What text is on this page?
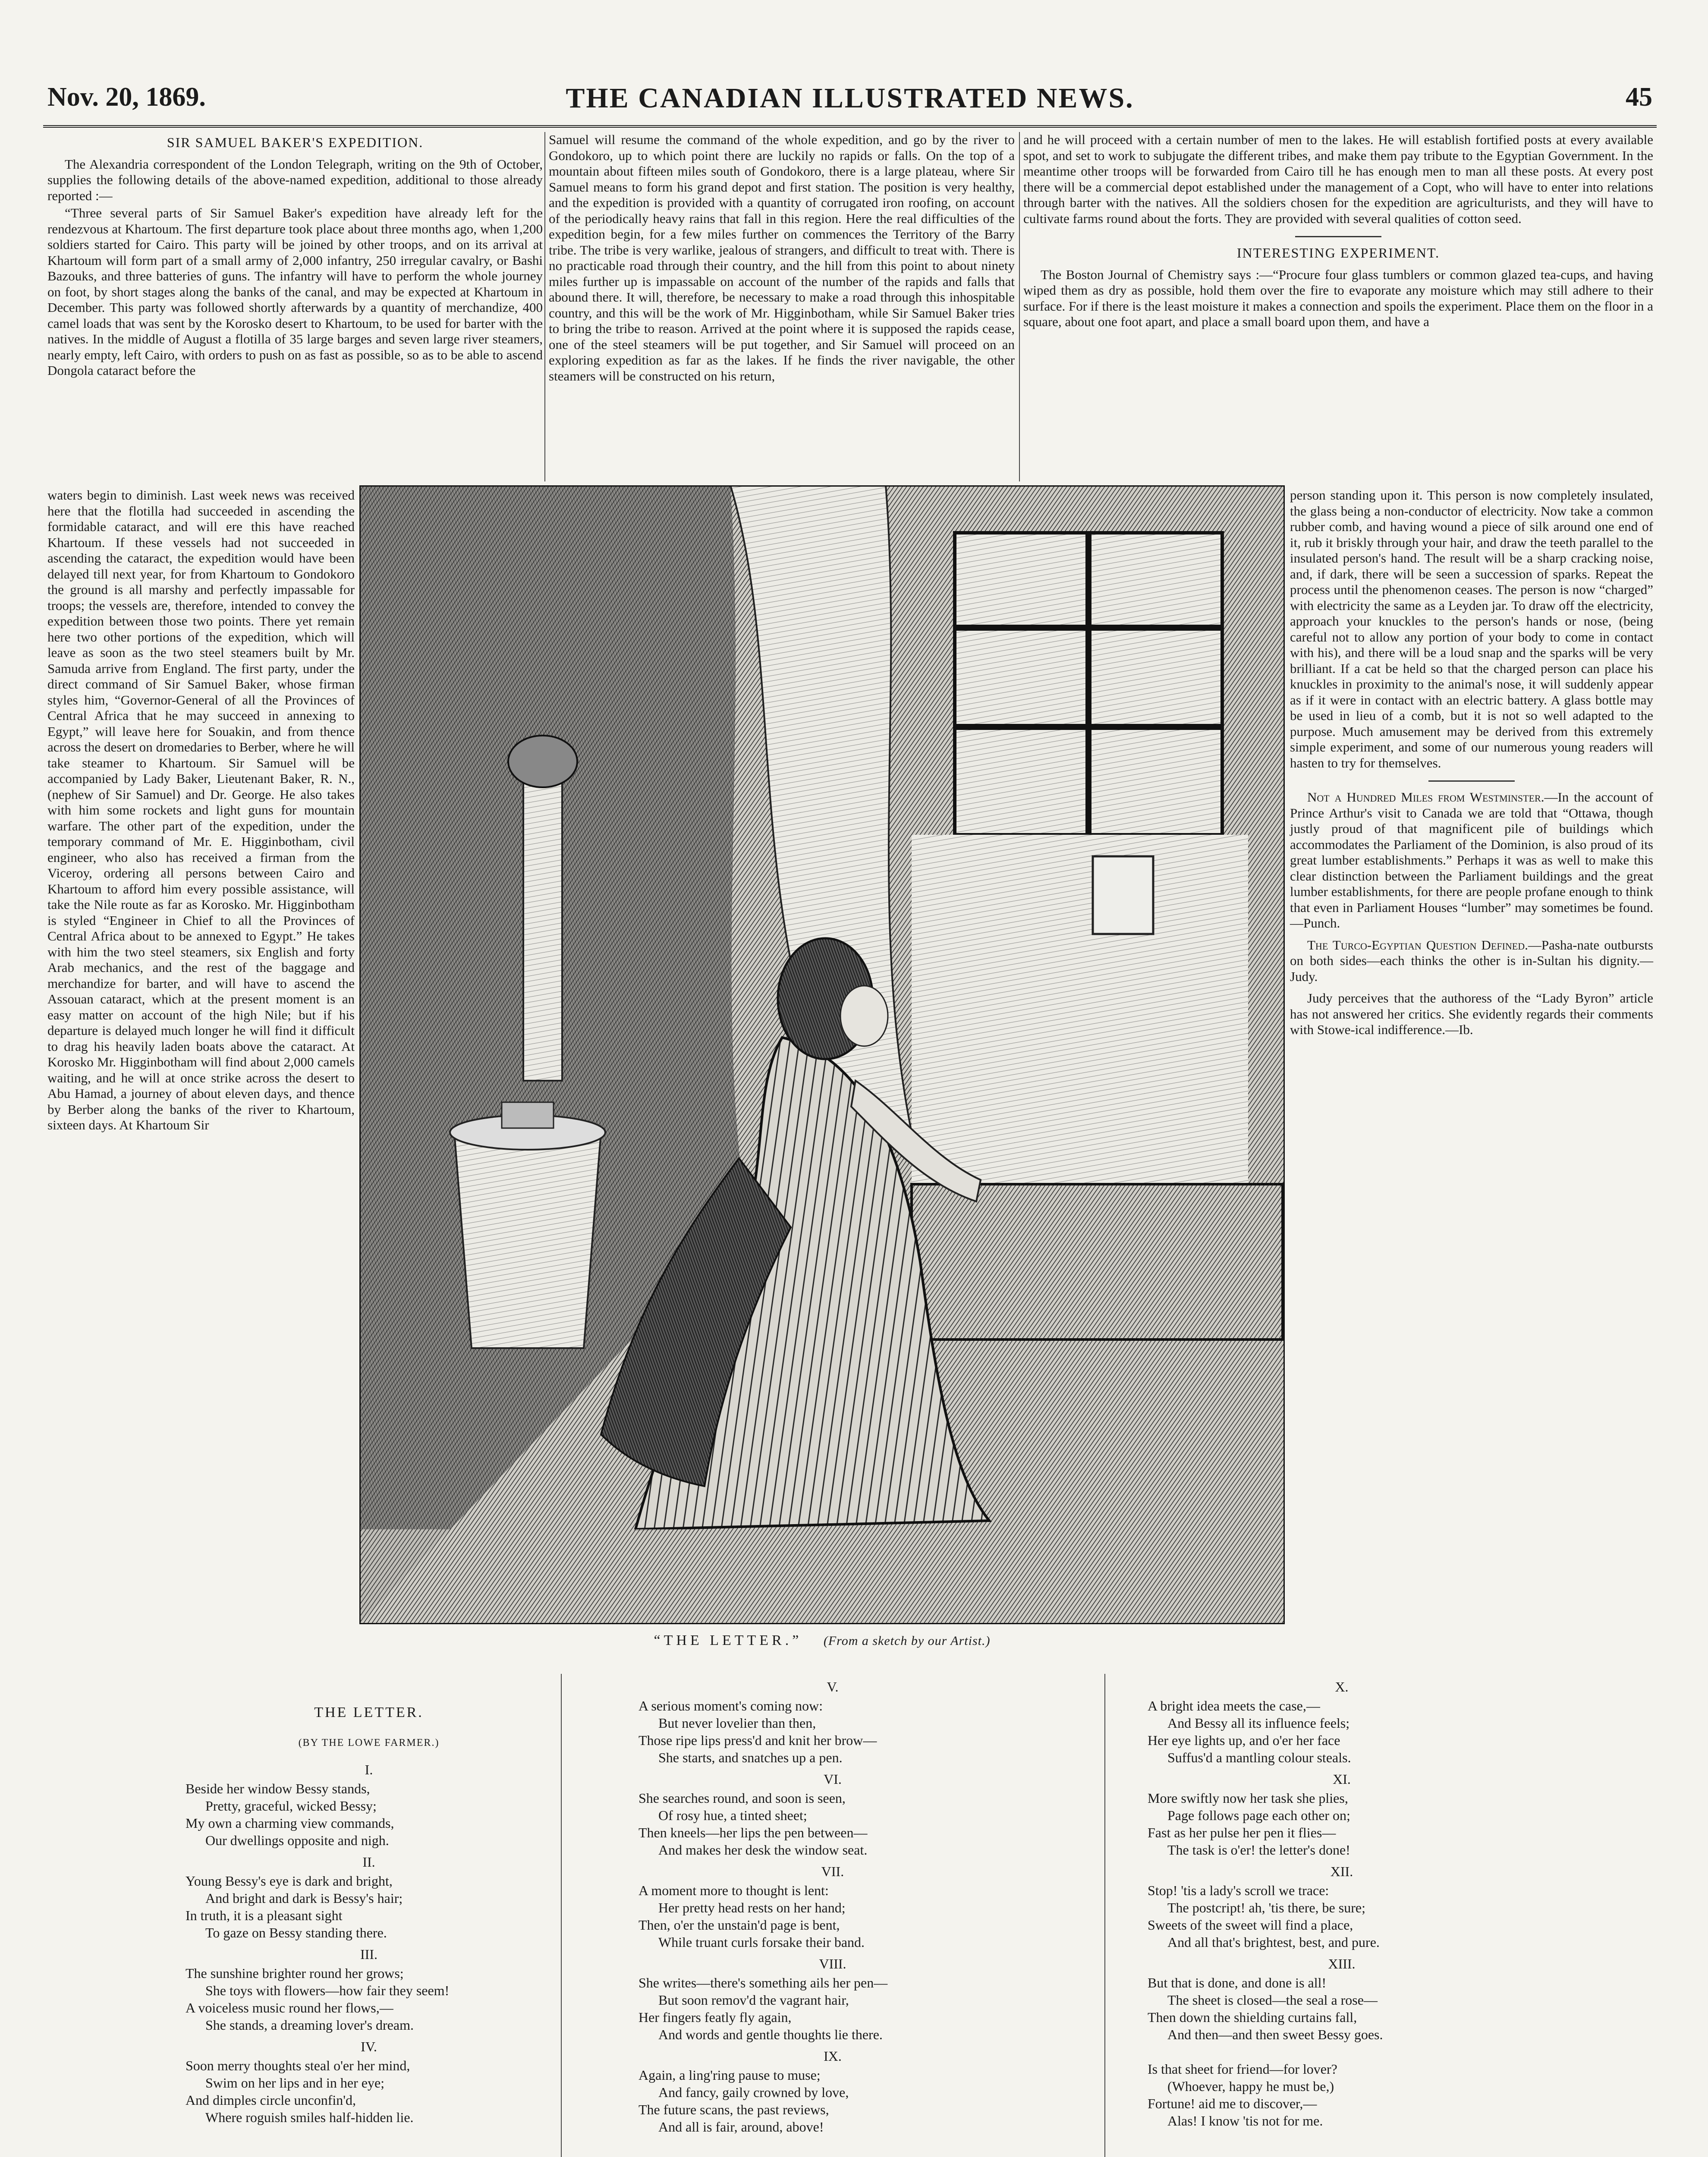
Nov. 20, 1869.	THE CANADIAN ILLUSTRATED NEWS.	45
SIR SAMUEL BAKER'S EXPEDITION.

The Alexandria correspondent of the London Telegraph, writing on the 9th of October, supplies the following details of the above-named expedition, additional to those already reported :—

“Three several parts of Sir Samuel Baker's expedition have already left for the rendezvous at Khartoum. The first departure took place about three months ago, when 1,200 soldiers started for Cairo. This party will be joined by other troops, and on its arrival at Khartoum will form part of a small army of 2,000 infantry, 250 irregular cavalry, or Bashi Bazouks, and three batteries of guns. The infantry will have to perform the whole journey on foot, by short stages along the banks of the canal, and may be expected at Khartoum in December. This party was followed shortly afterwards by a quantity of merchandize, 400 camel loads that was sent by the Korosko desert to Khartoum, to be used for barter with the natives. In the middle of August a flotilla of 35 large barges and seven large river steamers, nearly empty, left Cairo, with orders to push on as fast as possible, so as to be able to ascend Dongola cataract before the

waters begin to diminish. Last week news was received here that the flotilla had succeeded in ascending the formidable cataract, and will ere this have reached Khartoum. If these vessels had not succeeded in ascending the cataract, the expedition would have been delayed till next year, for from Khartoum to Gondokoro the ground is all marshy and perfectly impassable for troops; the vessels are, therefore, intended to convey the expedition between those two points. There yet remain here two other portions of the expedition, which will leave as soon as the two steel steamers built by Mr. Samuda arrive from England. The first party, under the direct command of Sir Samuel Baker, whose firman styles him, “Governor-General of all the Provinces of Central Africa that he may succeed in annexing to Egypt,” will leave here for Souakin, and from thence across the desert on dromedaries to Berber, where he will take steamer to Khartoum. Sir Samuel will be accompanied by Lady Baker, Lieutenant Baker, R. N., (nephew of Sir Samuel) and Dr. George. He also takes with him some rockets and light guns for mountain warfare. The other part of the expedition, under the temporary command of Mr. E. Higginbotham, civil engineer, who also has received a firman from the Viceroy, ordering all persons between Cairo and Khartoum to afford him every possible assistance, will take the Nile route as far as Korosko. Mr. Higginbotham is styled “Engineer in Chief to all the Provinces of Central Africa about to be annexed to Egypt.” He takes with him the two steel steamers, six English and forty Arab mechanics, and the rest of the baggage and merchandize for barter, and will have to ascend the Assouan cataract, which at the present moment is an easy matter on account of the high Nile; but if his departure is delayed much longer he will find it difficult to drag his heavily laden boats above the cataract. At Korosko Mr. Higginbotham will find about 2,000 camels waiting, and he will at once strike across the desert to Abu Hamad, a journey of about eleven days, and thence by Berber along the banks of the river to Khartoum, sixteen days. At Khartoum Sir

Samuel will resume the command of the whole expedition, and go by the river to Gondokoro, up to which point there are luckily no rapids or falls. On the top of a mountain about fifteen miles south of Gondokoro, there is a large plateau, where Sir Samuel means to form his grand depot and first station. The position is very healthy, and the expedition is provided with a quantity of corrugated iron roofing, on account of the periodically heavy rains that fall in this region. Here the real difficulties of the expedition begin, for a few miles further on commences the Territory of the Barry tribe. The tribe is very warlike, jealous of strangers, and difficult to treat with. There is no practicable road through their country, and the hill from this point to about ninety miles further up is impassable on account of the number of the rapids and falls that abound there. It will, therefore, be necessary to make a road through this inhospitable country, and this will be the work of Mr. Higginbotham, while Sir Samuel Baker tries to bring the tribe to reason. Arrived at the point where it is supposed the rapids cease, one of the steel steamers will be put together, and Sir Samuel will proceed on an exploring expedition as far as the lakes. If he finds the river navigable, the other steamers will be constructed on his return,

and he will proceed with a certain number of men to the lakes. He will establish fortified posts at every available spot, and set to work to subjugate the different tribes, and make them pay tribute to the Egyptian Government. In the meantime other troops will be forwarded from Cairo till he has enough men to man all these posts. At every post there will be a commercial depot established under the management of a Copt, who will have to enter into relations through barter with the natives. All the soldiers chosen for the expedition are agriculturists, and they will have to cultivate farms round about the forts. They are provided with several qualities of cotton seed.

INTERESTING EXPERIMENT.

The Boston Journal of Chemistry says :—“Procure four glass tumblers or common glazed tea-cups, and having wiped them as dry as possible, hold them over the fire to evaporate any moisture which may still adhere to their surface. For if there is the least moisture it makes a connection and spoils the experiment. Place them on the floor in a square, about one foot apart, and place a small board upon them, and have a

person standing upon it. This person is now completely insulated, the glass being a non-conductor of electricity. Now take a common rubber comb, and having wound a piece of silk around one end of it, rub it briskly through your hair, and draw the teeth parallel to the insulated person's hand. The result will be a sharp cracking noise, and, if dark, there will be seen a succession of sparks. Repeat the process until the phenomenon ceases. The person is now “charged” with electricity the same as a Leyden jar. To draw off the electricity, approach your knuckles to the person's hands or nose, (being careful not to allow any portion of your body to come in contact with his), and there will be a loud snap and the sparks will be very brilliant. If a cat be held so that the charged person can place his knuckles in proximity to the animal's nose, it will suddenly appear as if it were in contact with an electric battery. A glass bottle may be used in lieu of a comb, but it is not so well adapted to the purpose. Much amusement may be derived from this extremely simple experiment, and some of our numerous young readers will hasten to try for themselves.

Not a Hundred Miles from Westminster.—In the account of Prince Arthur's visit to Canada we are told that “Ottawa, though justly proud of that magnificent pile of buildings which accommodates the Parliament of the Dominion, is also proud of its great lumber establishments.” Perhaps it was as well to make this clear distinction between the Parliament buildings and the great lumber establishments, for there are people profane enough to think that even in Parliament Houses “lumber” may sometimes be found.—Punch.

The Turco-Egyptian Question Defined.—Pasha-nate outbursts on both sides—each thinks the other is in-Sultan his dignity.—Judy.

Judy perceives that the authoress of the “Lady Byron” article has not answered her critics. She evidently regards their comments with Stowe-ical indifference.—Ib.

“THE LETTER.” (From a sketch by our Artist.)
THE LETTER.
(BY THE LOWE FARMER.)
I.
Beside her window Bessy stands,
Pretty, graceful, wicked Bessy;
My own a charming view commands,
Our dwellings opposite and nigh.
II.
Young Bessy's eye is dark and bright,
And bright and dark is Bessy's hair;
In truth, it is a pleasant sight
To gaze on Bessy standing there.
III.
The sunshine brighter round her grows;
She toys with flowers—how fair they seem!
A voiceless music round her flows,—
She stands, a dreaming lover's dream.
IV.
Soon merry thoughts steal o'er her mind,
Swim on her lips and in her eye;
And dimples circle unconfin'd,
Where roguish smiles half-hidden lie.
V.
A serious moment's coming now:
But never lovelier than then,
Those ripe lips press'd and knit her brow—
She starts, and snatches up a pen.
VI.
She searches round, and soon is seen,
Of rosy hue, a tinted sheet;
Then kneels—her lips the pen between—
And makes her desk the window seat.
VII.
A moment more to thought is lent:
Her pretty head rests on her hand;
Then, o'er the unstain'd page is bent,
While truant curls forsake their band.
VIII.
She writes—there's something ails her pen—
But soon remov'd the vagrant hair,
Her fingers featly fly again,
And words and gentle thoughts lie there.
IX.
Again, a ling'ring pause to muse;
And fancy, gaily crowned by love,
The future scans, the past reviews,
And all is fair, around, above!
X.
A bright idea meets the case,—
And Bessy all its influence feels;
Her eye lights up, and o'er her face
Suffus'd a mantling colour steals.
XI.
More swiftly now her task she plies,
Page follows page each other on;
Fast as her pulse her pen it flies—
The task is o'er! the letter's done!
XII.
Stop! 'tis a lady's scroll we trace:
The postcript! ah, 'tis there, be sure;
Sweets of the sweet will find a place,
And all that's brightest, best, and pure.
XIII.
But that is done, and done is all!
The sheet is closed—the seal a rose—
Then down the shielding curtains fall,
And then—and then sweet Bessy goes.
Is that sheet for friend—for lover?
(Whoever, happy he must be,)
Fortune! aid me to discover,—
Alas! I know 'tis not for me.
